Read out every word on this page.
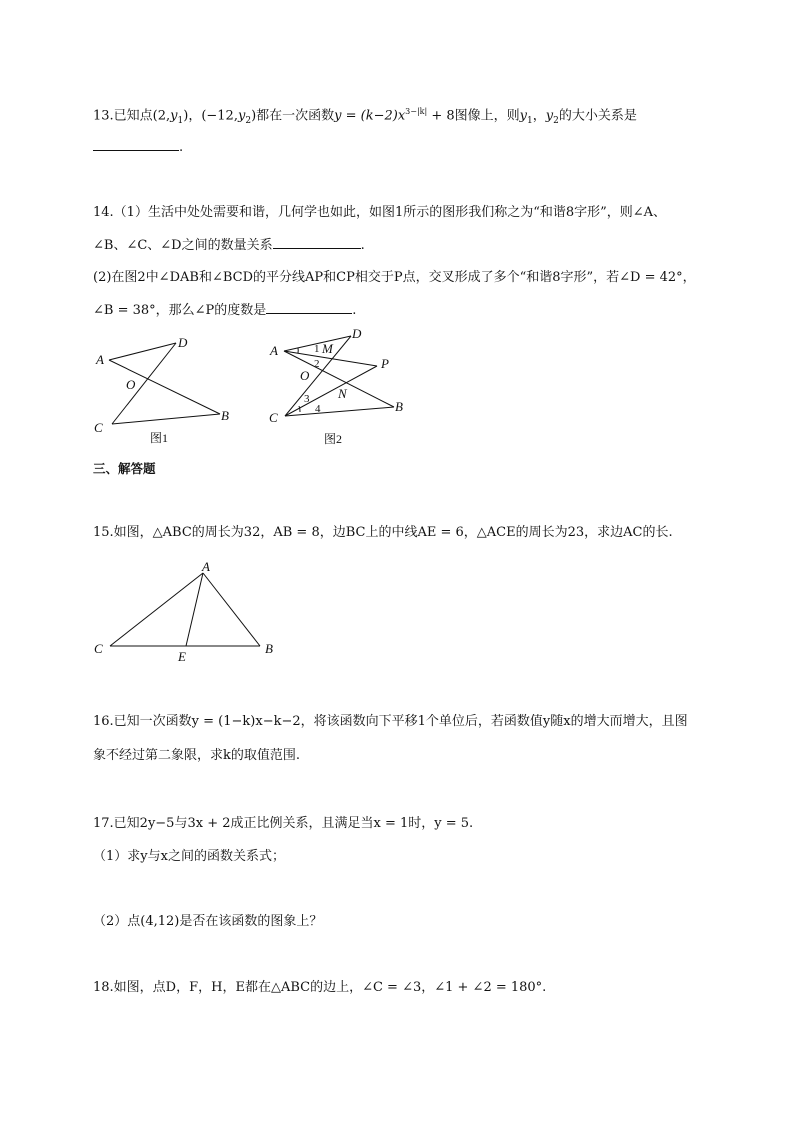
13.已知点$(2,y_1)$，$(-12,y_2)$都在一次函数$y = (k-2)x^{3-|k|} + 8$图像上，则$y_1$，$y_2$的大小关系是
.
14.（1）生活中处处需要和谐，几何学也如此，如图1所示的图形我们称之为“和谐8字形”，则∠A、
∠B、∠C、∠D之间的数量关系	.
(2)在图2中∠DAB和∠BCD的平分线AP和CP相交于P点，交叉形成了多个“和谐8字形”，若∠D = 42°，
∠B = 38°，那么∠P的度数是	.
A
D
O
C
B
图1
A
D
1 M
2
O
P
N
3
4
C
B
图2
三、解答题
15.如图，△ABC的周长为32，AB = 8，边BC上的中线AE = 6，△ACE的周长为23，求边AC的长.
A
C
E
B
16.已知一次函数y = (1−k)x−k−2，将该函数向下平移1个单位后，若函数值y随x的增大而增大，且图
象不经过第二象限，求k的取值范围.
17.已知2y−5与3x + 2成正比例关系，且满足当x = 1时，y = 5.
（1）求y与x之间的函数关系式；
（2）点(4,12)是否在该函数的图象上？
18.如图，点D，F，H，E都在△ABC的边上，∠C = ∠3，∠1 + ∠2 = 180°.
